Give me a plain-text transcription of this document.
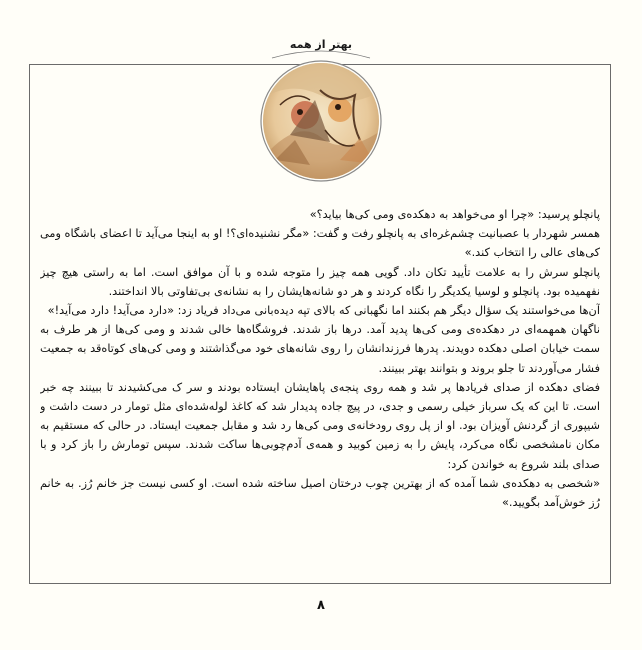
بهتر از همه

پانچلو پرسید: «چرا او می‌خواهد به دهکده‌ی ومی کی‌ها بیاید؟»

همسر شهردار با عصبانیت چشم‌غره‌ای به پانچلو رفت و گفت: «مگر نشنیده‌ای؟! او به اینجا می‌آید تا اعضای باشگاه ومی کی‌های عالی را انتخاب کند.»

پانچلو سرش را به علامت تأیید تکان داد. گویی همه چیز را متوجه شده و با آن موافق است. اما به راستی هیچ چیز نفهمیده بود. پانچلو و لوسیا یکدیگر را نگاه کردند و هر دو شانه‌هایشان را به نشانه‌ی بی‌تفاوتی بالا انداختند.

آن‌ها می‌خواستند یک سؤال دیگر هم بکنند اما نگهبانی که بالای تپه دیده‌بانی می‌داد فریاد زد: «دارد می‌آید! دارد می‌آید!»

ناگهان همهمه‌ای در دهکده‌ی ومی کی‌ها پدید آمد. درها باز شدند. فروشگاه‌ها خالی شدند و ومی کی‌ها از هر طرف به سمت خیابان اصلی دهکده دویدند. پدرها فرزندانشان را روی شانه‌های خود می‌گذاشتند و ومی کی‌های کوتاه‌قد به جمعیت فشار می‌آوردند تا جلو بروند و بتوانند بهتر ببینند.

فضای دهکده از صدای فریادها پر شد و همه روی پنجه‌ی پاهایشان ایستاده بودند و سر ک می‌کشیدند تا ببینند چه خبر است. تا این که یک سرباز خیلی رسمی و جدی، در پیچ جاده پدیدار شد که کاغذ لوله‌شده‌ای مثل تومار در دست داشت و شیپوری از گردنش آویزان بود. او از پل روی رودخانه‌ی ومی کی‌ها رد شد و مقابل جمعیت ایستاد. در حالی که مستقیم به مکان نامشخصی نگاه می‌کرد، پایش را به زمین کوبید و همه‌ی آدم‌چوبی‌ها ساکت شدند. سپس تومارش را باز کرد و با صدای بلند شروع به خواندن کرد:

«شخصی به دهکده‌ی شما آمده که از بهترین چوب درختان اصیل ساخته شده است. او کسی نیست جز خانم رُز. به خانم رُز خوش‌آمد بگویید.»

۸
